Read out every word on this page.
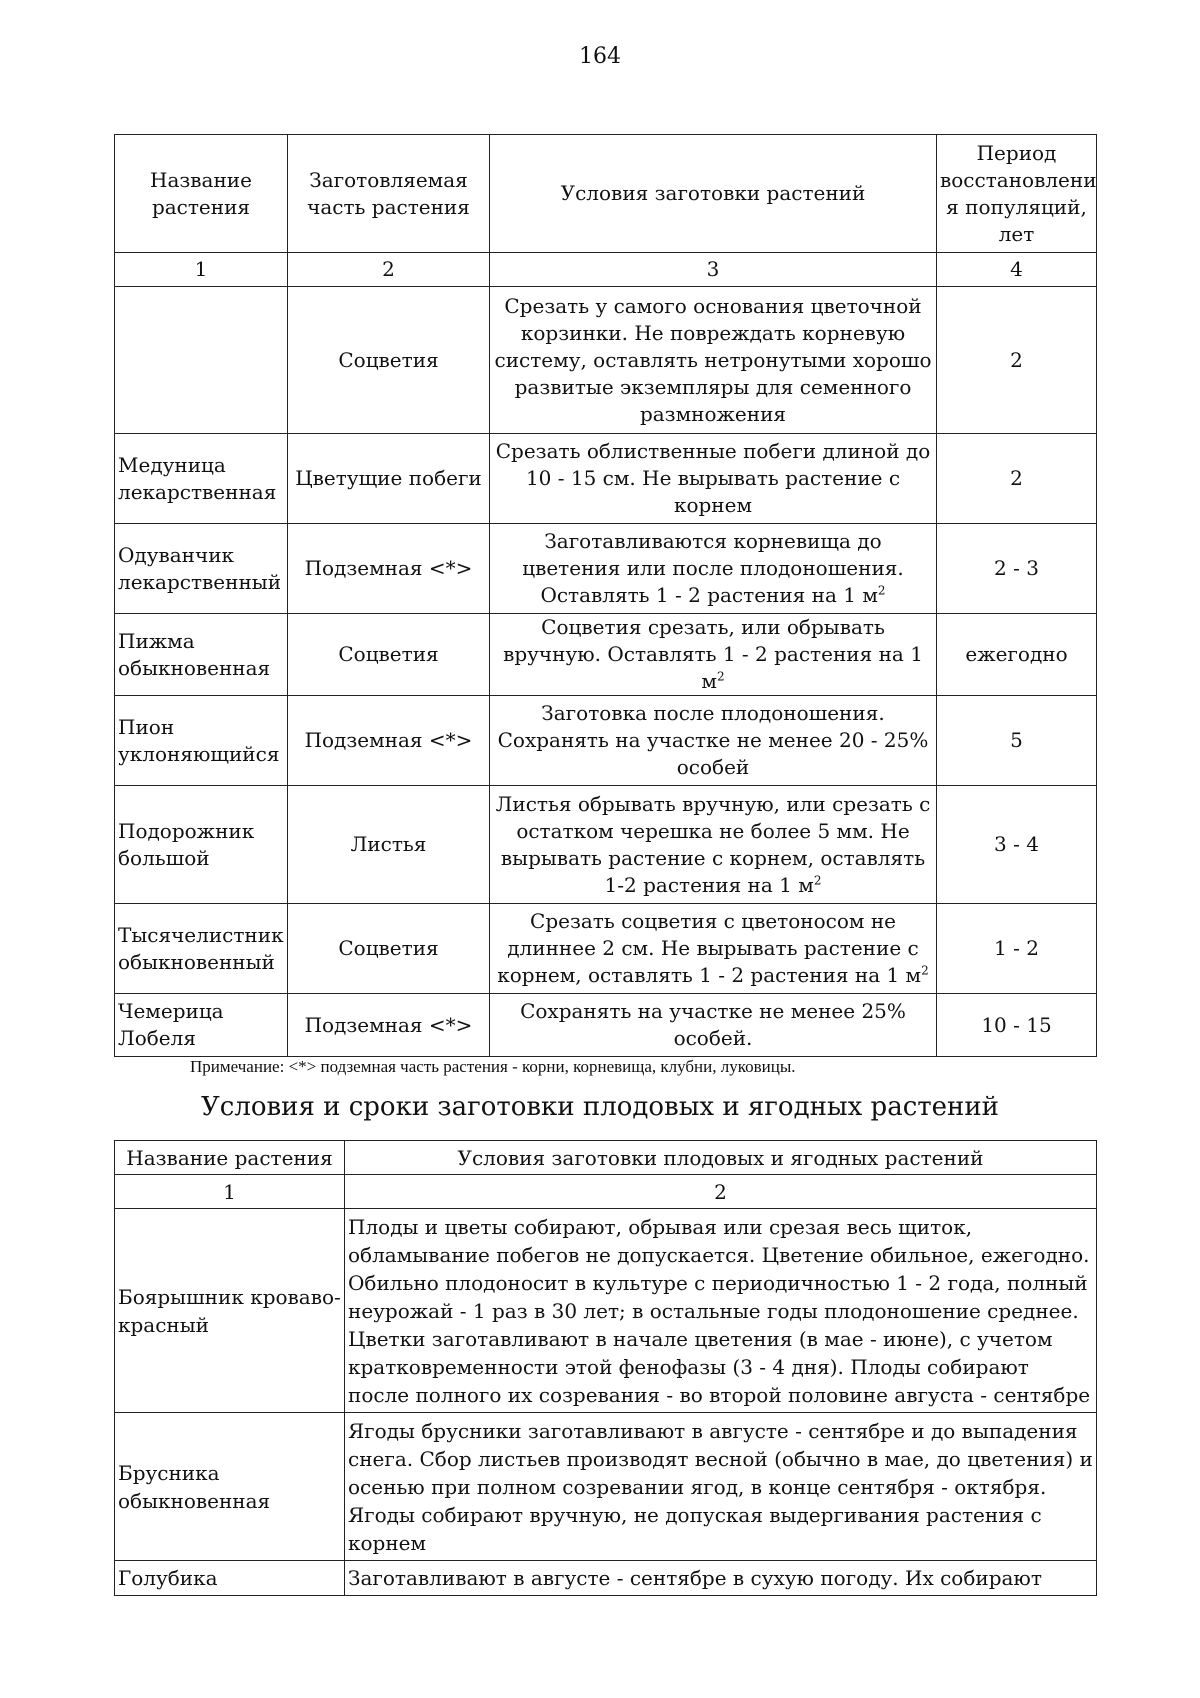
164
Название растения	Заготовляемая часть растения	Условия заготовки растений	Период восстановлени я популяций, лет
1	2	3	4
	Соцветия	Срезать у самого основания цветочной корзинки. Не повреждать корневую систему, оставлять нетронутыми хорошо развитые экземпляры для семенного размножения	2
Медуница лекарственная	Цветущие побеги	Срезать облиственные побеги длиной до 10 - 15 см. Не вырывать растение с корнем	2
Одуванчик лекарственный	Подземная <*>	Заготавливаются корневища до цветения или после плодоношения. Оставлять 1 - 2 растения на 1 $м^2$	2 - 3
Пижма обыкновенная	Соцветия	Соцветия срезать, или обрывать вручную. Оставлять 1 - 2 растения на 1 $м^2$	ежегодно
Пион уклоняющийся	Подземная <*>	Заготовка после плодоношения. Сохранять на участке не менее 20 - 25% особей	5
Подорожник большой	Листья	Листья обрывать вручную, или срезать с остатком черешка не более 5 мм. Не вырывать растение с корнем, оставлять 1-2 растения на 1 $м^2$	3 - 4
Тысячелистник обыкновенный	Соцветия	Срезать соцветия с цветоносом не длиннее 2 см. Не вырывать растение с корнем, оставлять 1 - 2 растения на 1 $м^2$	1 - 2
Чемерица Лобеля	Подземная <*>	Сохранять на участке не менее 25% особей.	10 - 15
Примечание: <*> подземная часть растения - корни, корневища, клубни, луковицы.
Условия и сроки заготовки плодовых и ягодных растений
Название растения	Условия заготовки плодовых и ягодных растений
1	2
Боярышник кроваво-красный	Плоды и цветы собирают, обрывая или срезая весь щиток, обламывание побегов не допускается. Цветение обильное, ежегодно. Обильно плодоносит в культуре с периодичностью 1 - 2 года, полный неурожай - 1 раз в 30 лет; в остальные годы плодоношение среднее. Цветки заготавливают в начале цветения (в мае - июне), с учетом кратковременности этой фенофазы (3 - 4 дня). Плоды собирают после полного их созревания - во второй половине августа - сентябре
Брусника обыкновенная	Ягоды брусники заготавливают в августе - сентябре и до выпадения снега. Сбор листьев производят весной (обычно в мае, до цветения) и осенью при полном созревании ягод, в конце сентября - октября. Ягоды собирают вручную, не допуская выдергивания растения с корнем
Голубика	Заготавливают в августе - сентябре в сухую погоду. Их собирают
